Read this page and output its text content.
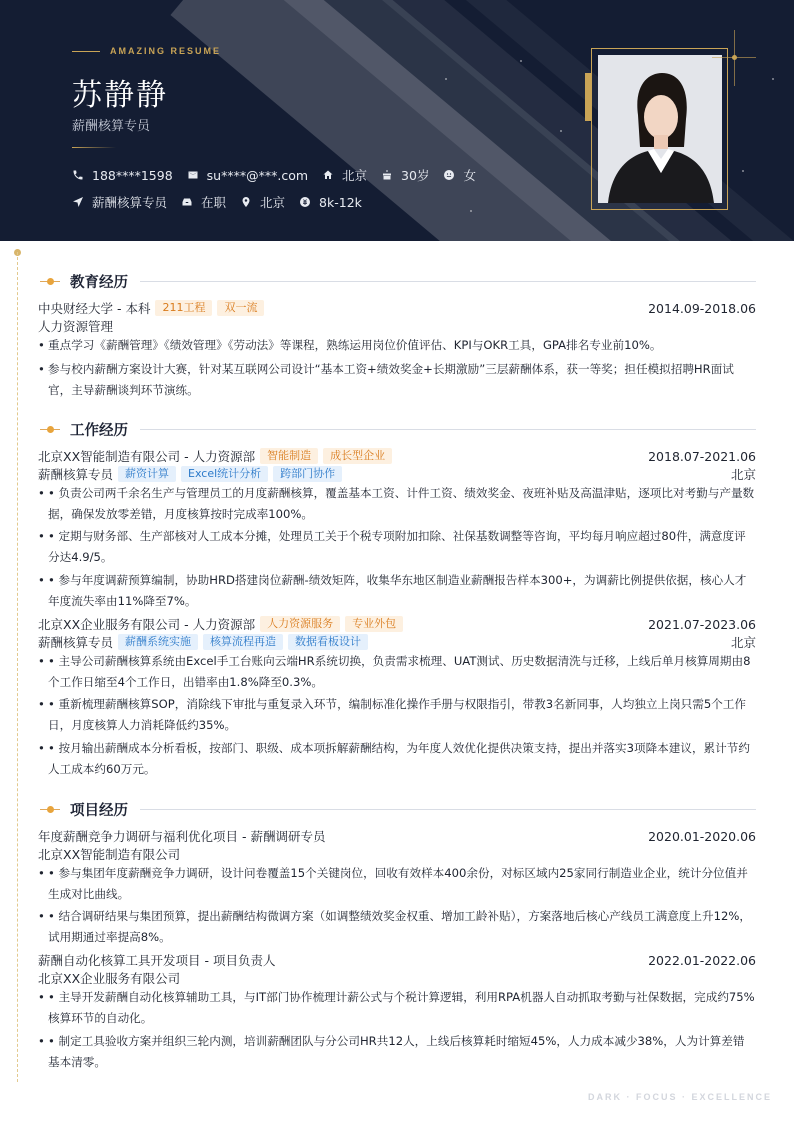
AMAZING RESUME
苏静静
薪酬核算专员
188****1598	su****@***.com	北京	30岁	女
薪酬核算专员	在职	北京	8k-12k
教育经历
中央财经大学 - 本科	211工程	双一流	2014.09-2018.06
人力资源管理
• 重点学习《薪酬管理》《绩效管理》《劳动法》等课程，熟练运用岗位价值评估、KPI与OKR工具，GPA排名专业前10%。
• 参与校内薪酬方案设计大赛，针对某互联网公司设计“基本工资+绩效奖金+长期激励”三层薪酬体系，获一等奖；担任模拟招聘HR面试官，主导薪酬谈判环节演练。
工作经历
北京XX智能制造有限公司 - 人力资源部	智能制造	成长型企业	2018.07-2021.06
薪酬核算专员	薪资计算	Excel统计分析	跨部门协作	北京
• • 负责公司两千余名生产与管理员工的月度薪酬核算，覆盖基本工资、计件工资、绩效奖金、夜班补贴及高温津贴，逐项比对考勤与产量数据，确保发放零差错，月度核算按时完成率100%。
• • 定期与财务部、生产部核对人工成本分摊，处理员工关于个税专项附加扣除、社保基数调整等咨询，平均每月响应超过80件，满意度评分达4.9/5。
• • 参与年度调薪预算编制，协助HRD搭建岗位薪酬-绩效矩阵，收集华东地区制造业薪酬报告样本300+，为调薪比例提供依据，核心人才年度流失率由11%降至7%。
北京XX企业服务有限公司 - 人力资源部	人力资源服务	专业外包	2021.07-2023.06
薪酬核算专员	薪酬系统实施	核算流程再造	数据看板设计	北京
• • 主导公司薪酬核算系统由Excel手工台账向云端HR系统切换，负责需求梳理、UAT测试、历史数据清洗与迁移，上线后单月核算周期由8个工作日缩至4个工作日，出错率由1.8%降至0.3%。
• • 重新梳理薪酬核算SOP，消除线下审批与重复录入环节，编制标准化操作手册与权限指引，带教3名新同事，人均独立上岗只需5个工作日，月度核算人力消耗降低约35%。
• • 按月输出薪酬成本分析看板，按部门、职级、成本项拆解薪酬结构，为年度人效优化提供决策支持，提出并落实3项降本建议，累计节约人工成本约60万元。
项目经历
年度薪酬竞争力调研与福利优化项目 - 薪酬调研专员	2020.01-2020.06
北京XX智能制造有限公司
• • 参与集团年度薪酬竞争力调研，设计问卷覆盖15个关键岗位，回收有效样本400余份，对标区域内25家同行制造业企业，统计分位值并生成对比曲线。
• • 结合调研结果与集团预算，提出薪酬结构微调方案（如调整绩效奖金权重、增加工龄补贴），方案落地后核心产线员工满意度上升12%，试用期通过率提高8%。
薪酬自动化核算工具开发项目 - 项目负责人	2022.01-2022.06
北京XX企业服务有限公司
• • 主导开发薪酬自动化核算辅助工具，与IT部门协作梳理计薪公式与个税计算逻辑，利用RPA机器人自动抓取考勤与社保数据，完成约75%核算环节的自动化。
• • 制定工具验收方案并组织三轮内测，培训薪酬团队与分公司HR共12人，上线后核算耗时缩短45%，人力成本减少38%，人为计算差错基本清零。
DARK · FOCUS · EXCELLENCE
